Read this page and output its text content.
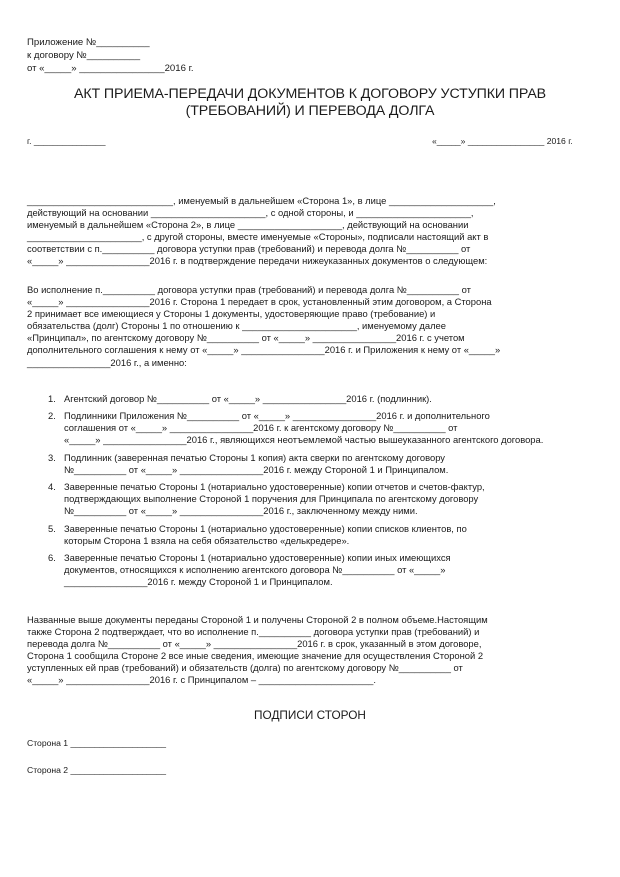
Приложение №__________
к договору №__________
от «_____» ________________2016 г.
АКТ ПРИЕМА-ПЕРЕДАЧИ ДОКУМЕНТОВ К ДОГОВОРУ УСТУПКИ ПРАВ
(ТРЕБОВАНИЙ) И ПЕРЕВОДА ДОЛГА
г. _______________	«_____» ________________ 2016 г.
____________________________, именуемый в дальнейшем «Сторона 1», в лице ____________________,
действующий на основании ______________________, с одной стороны, и ______________________,
именуемый в дальнейшем «Сторона 2», в лице ____________________, действующий на основании
______________________, с другой стороны, вместе именуемые «Стороны», подписали настоящий акт в
соответствии с п.__________ договора уступки прав (требований) и перевода долга №__________ от
«_____» ________________2016 г. в подтверждение передачи нижеуказанных документов о следующем:
Во исполнение п.__________ договора уступки прав (требований) и перевода долга №__________ от
«_____» ________________2016 г. Сторона 1 передает в срок, установленный этим договором, а Сторона
2 принимает все имеющиеся у Стороны 1 документы, удостоверяющие право (требование) и
обязательства (долг) Стороны 1 по отношению к ______________________, именуемому далее
«Принципал», по агентскому договору №__________ от «_____» ________________2016 г. с учетом
дополнительного соглашения к нему от «_____» ________________2016 г. и Приложения к нему от «_____»
________________2016 г., а именно:
1. Агентский договор №__________ от «_____» ________________2016 г. (подлинник).
2. Подлинники Приложения №__________ от «_____» ________________2016 г. и дополнительного
соглашения от «_____» ________________2016 г. к агентскому договору №__________ от
«_____» ________________2016 г., являющихся неотъемлемой частью вышеуказанного агентского договора.
3. Подлинник (заверенная печатью Стороны 1 копия) акта сверки по агентскому договору
№__________ от «_____» ________________2016 г. между Стороной 1 и Принципалом.
4. Заверенные печатью Стороны 1 (нотариально удостоверенные) копии отчетов и счетов-фактур,
подтверждающих выполнение Стороной 1 поручения для Принципала по агентскому договору
№__________ от «_____» ________________2016 г., заключенному между ними.
5. Заверенные печатью Стороны 1 (нотариально удостоверенные) копии списков клиентов, по
которым Сторона 1 взяла на себя обязательство «делькредере».
6. Заверенные печатью Стороны 1 (нотариально удостоверенные) копии иных имеющихся
документов, относящихся к исполнению агентского договора №__________ от «_____»
________________2016 г. между Стороной 1 и Принципалом.
Названные выше документы переданы Стороной 1 и получены Стороной 2 в полном объеме.Настоящим
также Сторона 2 подтверждает, что во исполнение п.__________ договора уступки прав (требований) и
перевода долга №__________ от «_____» ________________2016 г. в срок, указанный в этом договоре,
Сторона 1 сообщила Стороне 2 все иные сведения, имеющие значение для осуществления Стороной 2
уступленных ей прав (требований) и обязательств (долга) по агентскому договору №__________ от
«_____» ________________2016 г. с Принципалом – ______________________.
ПОДПИСИ СТОРОН
Сторона 1 ____________________
Сторона 2 ____________________
